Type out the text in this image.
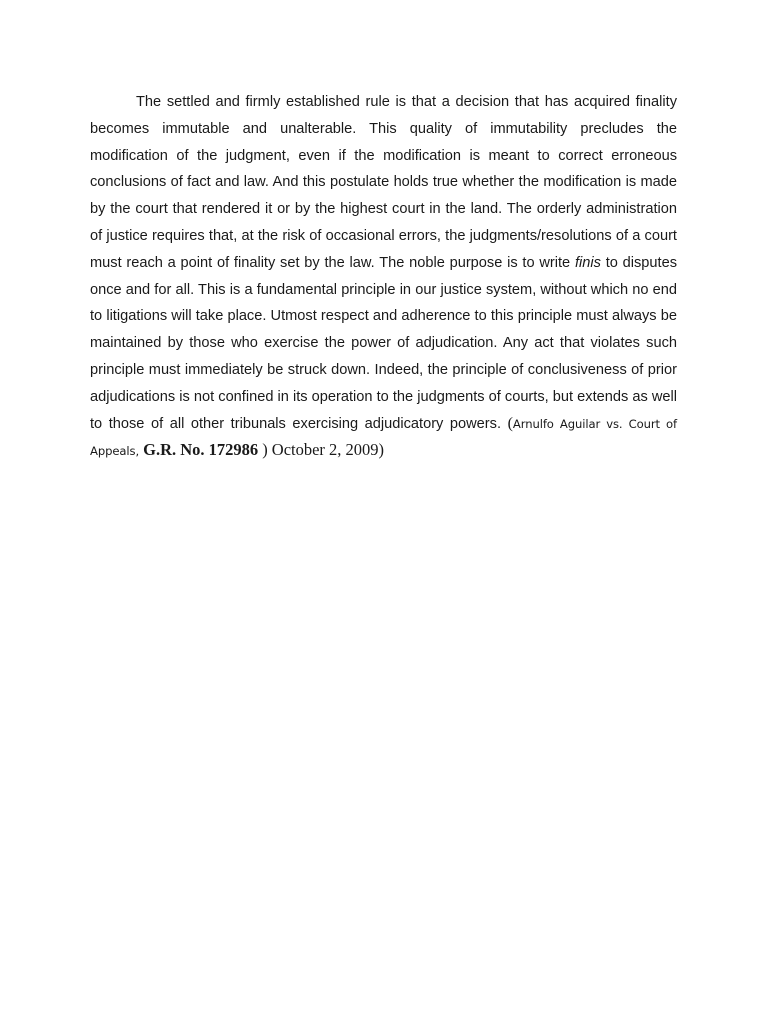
The settled and firmly established rule is that a decision that has acquired finality becomes immutable and unalterable. This quality of immutability precludes the modification of the judgment, even if the modification is meant to correct erroneous conclusions of fact and law. And this postulate holds true whether the modification is made by the court that rendered it or by the highest court in the land. The orderly administration of justice requires that, at the risk of occasional errors, the judgments/resolutions of a court must reach a point of finality set by the law. The noble purpose is to write finis to disputes once and for all. This is a fundamental principle in our justice system, without which no end to litigations will take place. Utmost respect and adherence to this principle must always be maintained by those who exercise the power of adjudication. Any act that violates such principle must immediately be struck down. Indeed, the principle of conclusiveness of prior adjudications is not confined in its operation to the judgments of courts, but extends as well to those of all other tribunals exercising adjudicatory powers. (Arnulfo Aguilar vs. Court of Appeals, G.R. No. 172986 ) October 2, 2009)
